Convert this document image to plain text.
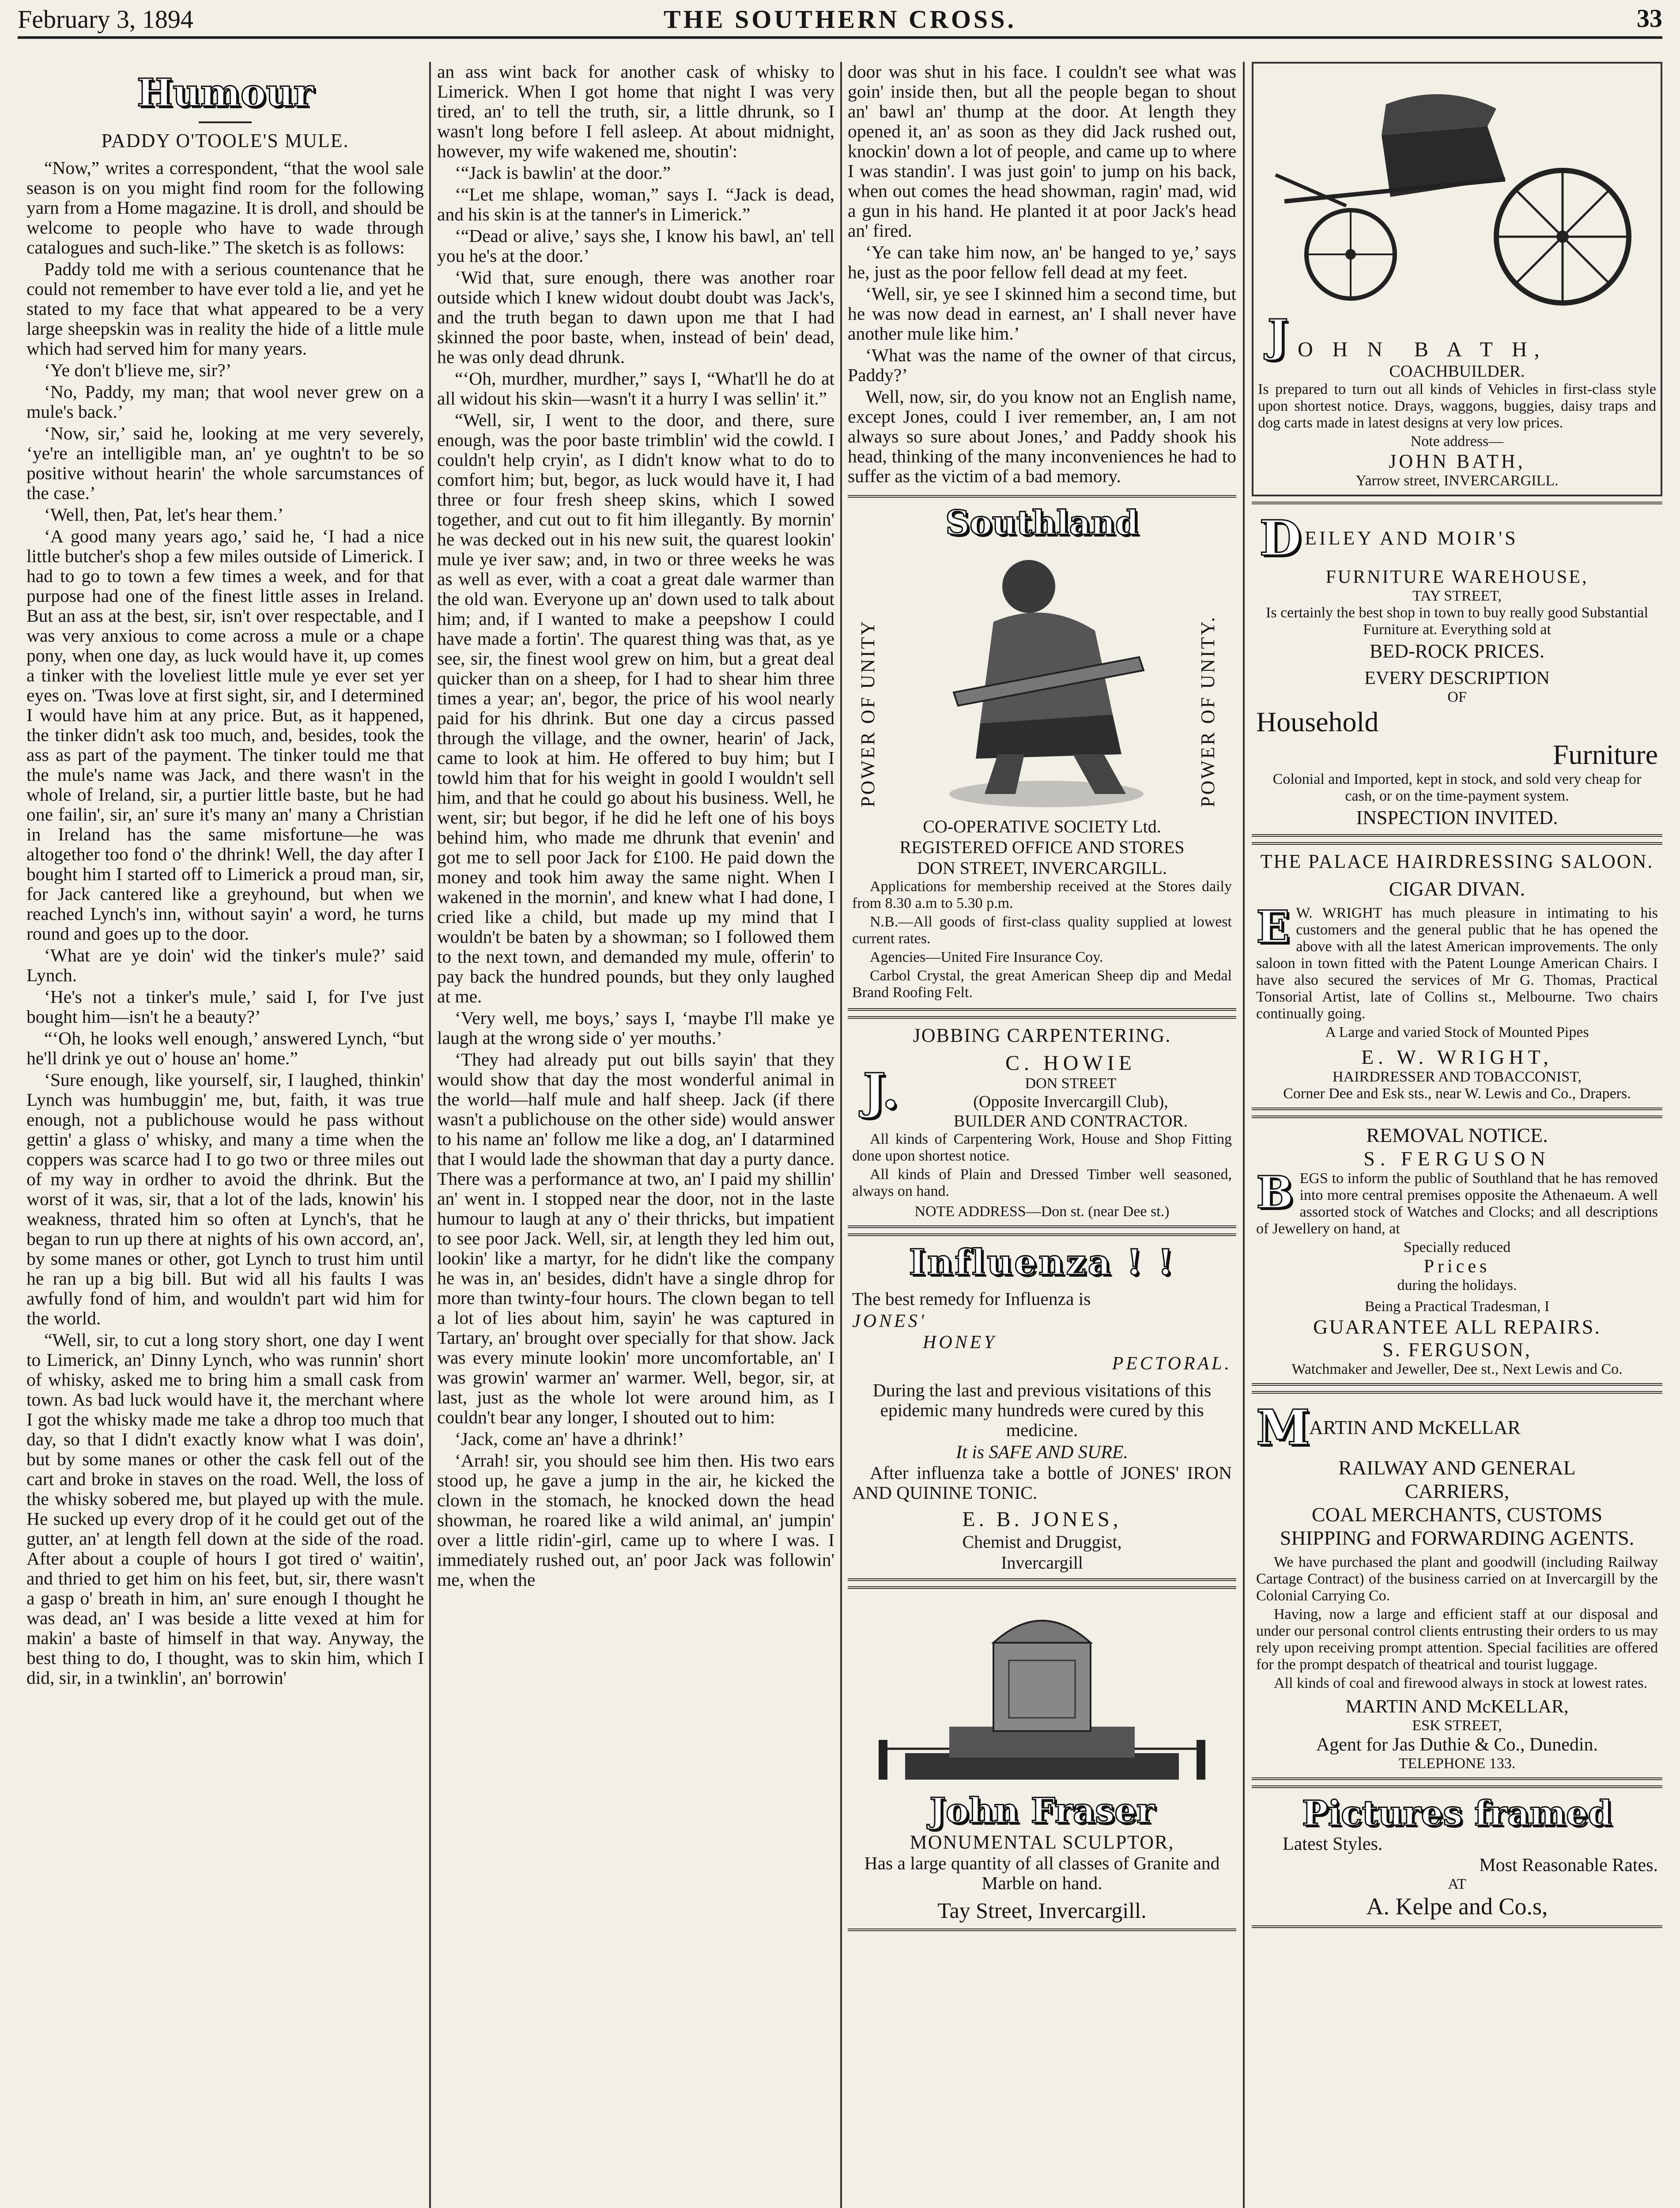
February 3, 1894	THE SOUTHERN CROSS.	33
Humour
PADDY O'TOOLE'S MULE.

“Now,” writes a correspondent, “that the wool sale season is on you might find room for the following yarn from a Home magazine. It is droll, and should be welcome to people who have to wade through catalogues and such-like.” The sketch is as follows:

Paddy told me with a serious countenance that he could not remember to have ever told a lie, and yet he stated to my face that what appeared to be a very large sheepskin was in reality the hide of a little mule which had served him for many years.

‘Ye don't b'lieve me, sir?’

‘No, Paddy, my man; that wool never grew on a mule's back.’

‘Now, sir,’ said he, looking at me very severely, ‘ye're an intelligible man, an' ye oughtn't to be so positive without hearin' the whole sarcumstances of the case.’

‘Well, then, Pat, let's hear them.’

‘A good many years ago,’ said he, ‘I had a nice little butcher's shop a few miles outside of Limerick. I had to go to town a few times a week, and for that purpose had one of the finest little asses in Ireland. But an ass at the best, sir, isn't over respectable, and I was very anxious to come across a mule or a chape pony, when one day, as luck would have it, up comes a tinker with the loveliest little mule ye ever set yer eyes on. 'Twas love at first sight, sir, and I determined I would have him at any price. But, as it happened, the tinker didn't ask too much, and, besides, took the ass as part of the payment. The tinker tould me that the mule's name was Jack, and there wasn't in the whole of Ireland, sir, a purtier little baste, but he had one failin', sir, an' sure it's many an' many a Christian in Ireland has the same misfortune—he was altogether too fond o' the dhrink! Well, the day after I bought him I started off to Limerick a proud man, sir, for Jack cantered like a greyhound, but when we reached Lynch's inn, without sayin' a word, he turns round and goes up to the door.

‘What are ye doin' wid the tinker's mule?’ said Lynch.

‘He's not a tinker's mule,’ said I, for I've just bought him—isn't he a beauty?’

“‘Oh, he looks well enough,’ answered Lynch, “but he'll drink ye out o' house an' home.”

‘Sure enough, like yourself, sir, I laughed, thinkin' Lynch was humbuggin' me, but, faith, it was true enough, not a publichouse would he pass without gettin' a glass o' whisky, and many a time when the coppers was scarce had I to go two or three miles out of my way in ordher to avoid the dhrink. But the worst of it was, sir, that a lot of the lads, knowin' his weakness, thrated him so often at Lynch's, that he began to run up there at nights of his own accord, an', by some manes or other, got Lynch to trust him until he ran up a big bill. But wid all his faults I was awfully fond of him, and wouldn't part wid him for the world.

“Well, sir, to cut a long story short, one day I went to Limerick, an' Dinny Lynch, who was runnin' short of whisky, asked me to bring him a small cask from town. As bad luck would have it, the merchant where I got the whisky made me take a dhrop too much that day, so that I didn't exactly know what I was doin', but by some manes or other the cask fell out of the cart and broke in staves on the road. Well, the loss of the whisky sobered me, but played up with the mule. He sucked up every drop of it he could get out of the gutter, an' at length fell down at the side of the road. After about a couple of hours I got tired o' waitin', and thried to get him on his feet, but, sir, there wasn't a gasp o' breath in him, an' sure enough I thought he was dead, an' I was beside a litte vexed at him for makin' a baste of himself in that way. Anyway, the best thing to do, I thought, was to skin him, which I did, sir, in a twinklin', an' borrowin'

an ass wint back for another cask of whisky to Limerick. When I got home that night I was very tired, an' to tell the truth, sir, a little dhrunk, so I wasn't long before I fell asleep. At about midnight, however, my wife wakened me, shoutin':

‘“Jack is bawlin' at the door.”

‘“Let me shlape, woman,” says I. “Jack is dead, and his skin is at the tanner's in Limerick.”

‘“Dead or alive,’ says she, I know his bawl, an' tell you he's at the door.’

‘Wid that, sure enough, there was another roar outside which I knew widout doubt doubt was Jack's, and the truth began to dawn upon me that I had skinned the poor baste, when, instead of bein' dead, he was only dead dhrunk.

“‘Oh, murdher, murdher,” says I, “What'll he do at all widout his skin—wasn't it a hurry I was sellin' it.”

“Well, sir, I went to the door, and there, sure enough, was the poor baste trimblin' wid the cowld. I couldn't help cryin', as I didn't know what to do to comfort him; but, begor, as luck would have it, I had three or four fresh sheep skins, which I sowed together, and cut out to fit him illegantly. By mornin' he was decked out in his new suit, the quarest lookin' mule ye iver saw; and, in two or three weeks he was as well as ever, with a coat a great dale warmer than the old wan. Everyone up an' down used to talk about him; and, if I wanted to make a peepshow I could have made a fortin'. The quarest thing was that, as ye see, sir, the finest wool grew on him, but a great deal quicker than on a sheep, for I had to shear him three times a year; an', begor, the price of his wool nearly paid for his dhrink. But one day a circus passed through the village, and the owner, hearin' of Jack, came to look at him. He offered to buy him; but I towld him that for his weight in goold I wouldn't sell him, and that he could go about his business. Well, he went, sir; but begor, if he did he left one of his boys behind him, who made me dhrunk that evenin' and got me to sell poor Jack for £100. He paid down the money and took him away the same night. When I wakened in the mornin', and knew what I had done, I cried like a child, but made up my mind that I wouldn't be baten by a showman; so I followed them to the next town, and demanded my mule, offerin' to pay back the hundred pounds, but they only laughed at me.

‘Very well, me boys,’ says I, ‘maybe I'll make ye laugh at the wrong side o' yer mouths.’

‘They had already put out bills sayin' that they would show that day the most wonderful animal in the world—half mule and half sheep. Jack (if there wasn't a publichouse on the other side) would answer to his name an' follow me like a dog, an' I datarmined that I would lade the showman that day a purty dance. There was a performance at two, an' I paid my shillin' an' went in. I stopped near the door, not in the laste humour to laugh at any o' their thricks, but impatient to see poor Jack. Well, sir, at length they led him out, lookin' like a martyr, for he didn't like the company he was in, an' besides, didn't have a single dhrop for more than twinty-four hours. The clown began to tell a lot of lies about him, sayin' he was captured in Tartary, an' brought over specially for that show. Jack was every minute lookin' more uncomfortable, an' I was growin' warmer an' warmer. Well, begor, sir, at last, just as the whole lot were around him, as I couldn't bear any longer, I shouted out to him:

‘Jack, come an' have a dhrink!’

‘Arrah! sir, you should see him then. His two ears stood up, he gave a jump in the air, he kicked the clown in the stomach, he knocked down the head showman, he roared like a wild animal, an' jumpin' over a little ridin'-girl, came up to where I was. I immediately rushed out, an' poor Jack was followin' me, when the

door was shut in his face. I couldn't see what was goin' inside then, but all the people began to shout an' bawl an' thump at the door. At length they opened it, an' as soon as they did Jack rushed out, knockin' down a lot of people, and came up to where I was standin'. I was just goin' to jump on his back, when out comes the head showman, ragin' mad, wid a gun in his hand. He planted it at poor Jack's head an' fired.

‘Ye can take him now, an' be hanged to ye,’ says he, just as the poor fellow fell dead at my feet.

‘Well, sir, ye see I skinned him a second time, but he was now dead in earnest, an' I shall never have another mule like him.’

‘What was the name of the owner of that circus, Paddy?’

Well, now, sir, do you know not an English name, except Jones, could I iver remember, an, I am not always so sure about Jones,’ and Paddy shook his head, thinking of the many inconveniences he had to suffer as the victim of a bad memory.

Southland
POWER OF UNITY	POWER OF UNITY.
CO-OPERATIVE SOCIETY Ltd.
REGISTERED OFFICE AND STORES
DON STREET, INVERCARGILL.

Applications for membership received at the Stores daily from 8.30 a.m to 5.30 p.m.

N.B.—All goods of first-class quality supplied at lowest current rates.

Agencies—United Fire Insurance Coy.

Carbol Crystal, the great American Sheep dip and Medal Brand Roofing Felt.

JOBBING CARPENTERING.
J.	C. HOWIE
DON STREET
(Opposite Invercargill Club),
BUILDER AND CONTRACTOR.

All kinds of Carpentering Work, House and Shop Fitting done upon shortest notice.

All kinds of Plain and Dressed Timber well seasoned, always on hand.

NOTE ADDRESS—Don st. (near Dee st.)
Influenza ! !

The best remedy for Influenza is

JONES'
HONEY
PECTORAL.

During the last and previous visitations of this epidemic many hundreds were cured by this medicine.

It is SAFE AND SURE.

After influenza take a bottle of JONES' IRON AND QUININE TONIC.

E. B. JONES,
Chemist and Druggist,
Invercargill
John Fraser
MONUMENTAL SCULPTOR,

Has a large quantity of all classes of Granite and Marble on hand.

Tay Street, Invercargill.
J O H N  B A T H,
COACHBUILDER.

Is prepared to turn out all kinds of Vehicles in first-class style upon shortest notice. Drays, waggons, buggies, daisy traps and dog carts made in latest designs at very low prices.

Note address—
JOHN BATH,
Yarrow street, INVERCARGILL.
D EILEY AND MOIR'S
FURNITURE WAREHOUSE,
TAY STREET,

Is certainly the best shop in town to buy really good Substantial Furniture at. Everything sold at

BED-ROCK PRICES.
EVERY DESCRIPTION
OF
Household
Furniture

Colonial and Imported, kept in stock, and sold very cheap for cash, or on the time-payment system.

INSPECTION INVITED.
THE PALACE HAIRDRESSING SALOON.
CIGAR DIVAN.
E W. WRIGHT has much pleasure in intimating to his customers and the general public that he has opened the above with all the latest American improvements. The only saloon in town fitted with the Patent Lounge American Chairs. I have also secured the services of Mr G. Thomas, Practical Tonsorial Artist, late of Collins st., Melbourne. Two chairs continually going.

A Large and varied Stock of Mounted Pipes
E. W. WRIGHT,
HAIRDRESSER AND TOBACCONIST,
Corner Dee and Esk sts., near W. Lewis and Co., Drapers.
REMOVAL NOTICE.
S. FERGUSON
B EGS to inform the public of Southland that he has removed into more central premises opposite the Athenaeum. A well assorted stock of Watches and Clocks; and all descriptions of Jewellery on hand, at

Specially reduced
Prices
during the holidays.
Being a Practical Tradesman, I
GUARANTEE ALL REPAIRS.
S. FERGUSON,
Watchmaker and Jeweller, Dee st., Next Lewis and Co.
M
ARTIN AND McKELLAR
RAILWAY AND GENERAL
CARRIERS,
COAL MERCHANTS, CUSTOMS
SHIPPING and FORWARDING AGENTS.

We have purchased the plant and goodwill (including Railway Cartage Contract) of the business carried on at Invercargill by the Colonial Carrying Co.

Having, now a large and efficient staff at our disposal and under our personal control clients entrusting their orders to us may rely upon receiving prompt attention. Special facilities are offered for the prompt despatch of theatrical and tourist luggage.

All kinds of coal and firewood always in stock at lowest rates.

MARTIN AND McKELLAR,
ESK STREET,
Agent for Jas Duthie & Co., Dunedin.
TELEPHONE 133.
Pictures framed
Latest Styles.
Most Reasonable Rates.
AT
A. Kelpe and Co.s,
